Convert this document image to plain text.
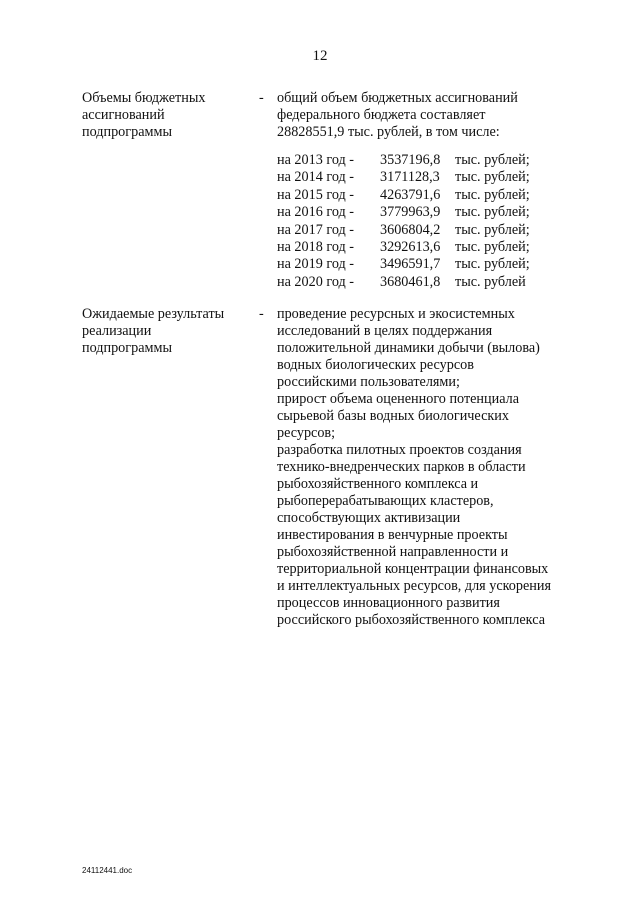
12
Объемы бюджетных
ассигнований
подпрограммы
- общий объем бюджетных ассигнований
федерального бюджета составляет
28828551,9 тыс. рублей, в том числе:
на 2013 год -	3537196,8	тыс. рублей;
на 2014 год -	3171128,3	тыс. рублей;
на 2015 год -	4263791,6	тыс. рублей;
на 2016 год -	3779963,9	тыс. рублей;
на 2017 год -	3606804,2	тыс. рублей;
на 2018 год -	3292613,6	тыс. рублей;
на 2019 год -	3496591,7	тыс. рублей;
на 2020 год -	3680461,8	тыс. рублей
Ожидаемые результаты
реализации
подпрограммы
- проведение ресурсных и экосистемных
исследований в целях поддержания
положительной динамики добычи (вылова)
водных биологических ресурсов
российскими пользователями;
прирост объема оцененного потенциала
сырьевой базы водных биологических
ресурсов;
разработка пилотных проектов создания
технико-внедренческих парков в области
рыбохозяйственного комплекса и
рыбоперерабатывающих кластеров,
способствующих активизации
инвестирования в венчурные проекты
рыбохозяйственной направленности и
территориальной концентрации финансовых
и интеллектуальных ресурсов, для ускорения
процессов инновационного развития
российского рыбохозяйственного комплекса
24112441.doc
